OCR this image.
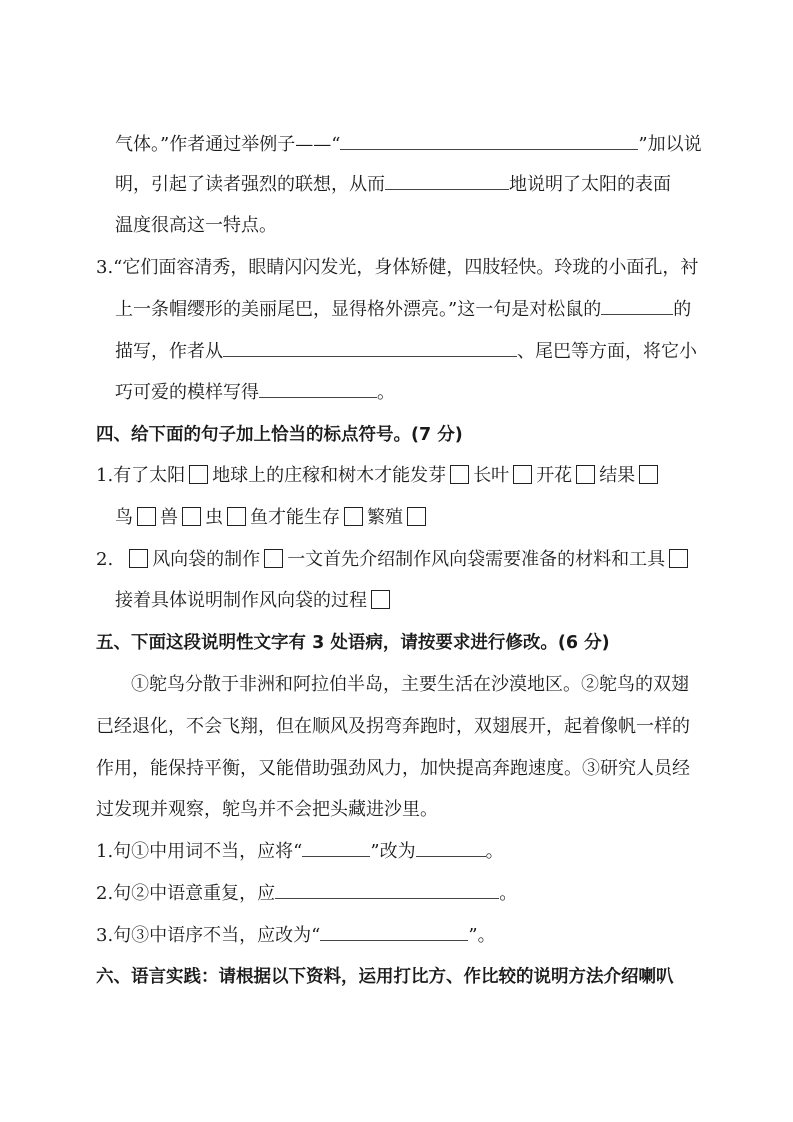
气体。”作者通过举例子——“	”加以说
明，引起了读者强烈的联想，从而	地说明了太阳的表面
温度很高这一特点。
3.“它们面容清秀，眼睛闪闪发光，身体矫健，四肢轻快。玲珑的小面孔，衬
上一条帽缨形的美丽尾巴，显得格外漂亮。”这一句是对松鼠的	的
描写，作者从	、尾巴等方面，将它小
巧可爱的模样写得	。
四、给下面的句子加上恰当的标点符号。(7 分)
1.有了太阳 地球上的庄稼和树木才能发芽 长叶 开花 结果
鸟 兽 虫 鱼才能生存 繁殖
2. 风向袋的制作 一文首先介绍制作风向袋需要准备的材料和工具
接着具体说明制作风向袋的过程
五、下面这段说明性文字有 3 处语病，请按要求进行修改。(6 分)
①鸵鸟分散于非洲和阿拉伯半岛，主要生活在沙漠地区。②鸵鸟的双翅
已经退化，不会飞翔，但在顺风及拐弯奔跑时，双翅展开，起着像帆一样的
作用，能保持平衡，又能借助强劲风力，加快提高奔跑速度。③研究人员经
过发现并观察，鸵鸟并不会把头藏进沙里。
1.句①中用词不当，应将“	”改为	。
2.句②中语意重复，应	。
3.句③中语序不当，应改为“	”。
六、语言实践：请根据以下资料，运用打比方、作比较的说明方法介绍喇叭
